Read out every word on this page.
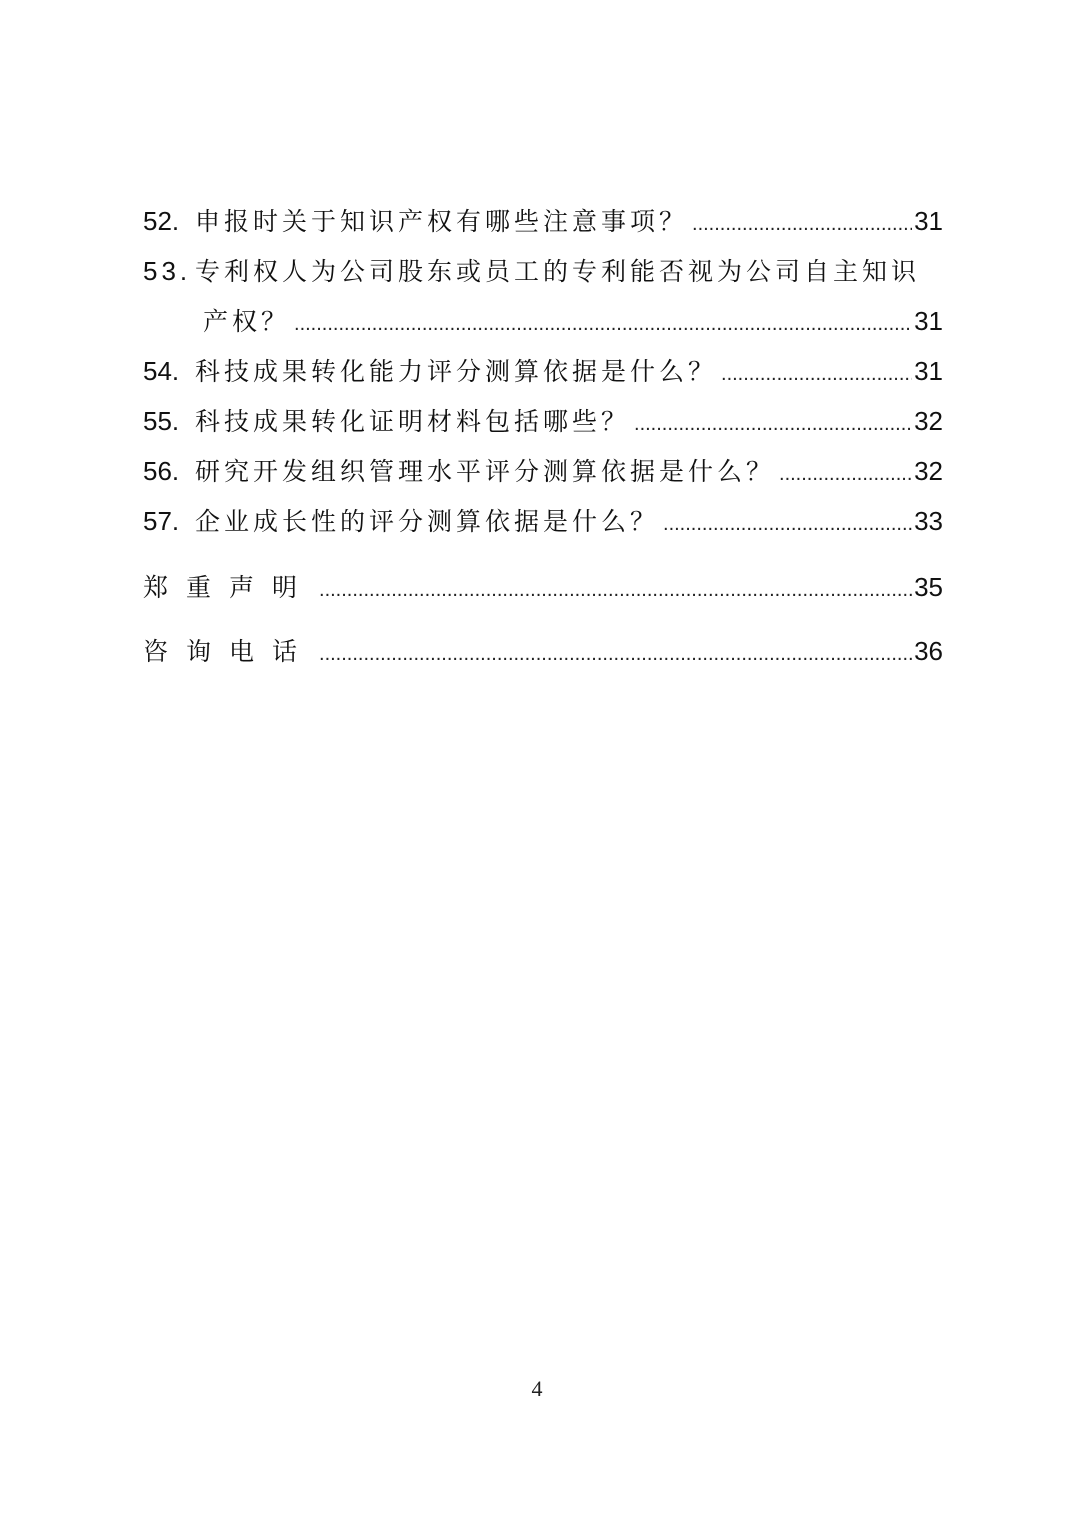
52. 申报时关于知识产权有哪些注意事项？ .....	31
53. 专利权人为公司股东或员工的专利能否视为公司自主知识
产权？ .....	31
54. 科技成果转化能力评分测算依据是什么？ .....	31
55. 科技成果转化证明材料包括哪些？ .....	32
56. 研究开发组织管理水平评分测算依据是什么？ .....	32
57. 企业成长性的评分测算依据是什么？ .....	33
郑重声明 .....	35
咨询电话 .....	36
4
